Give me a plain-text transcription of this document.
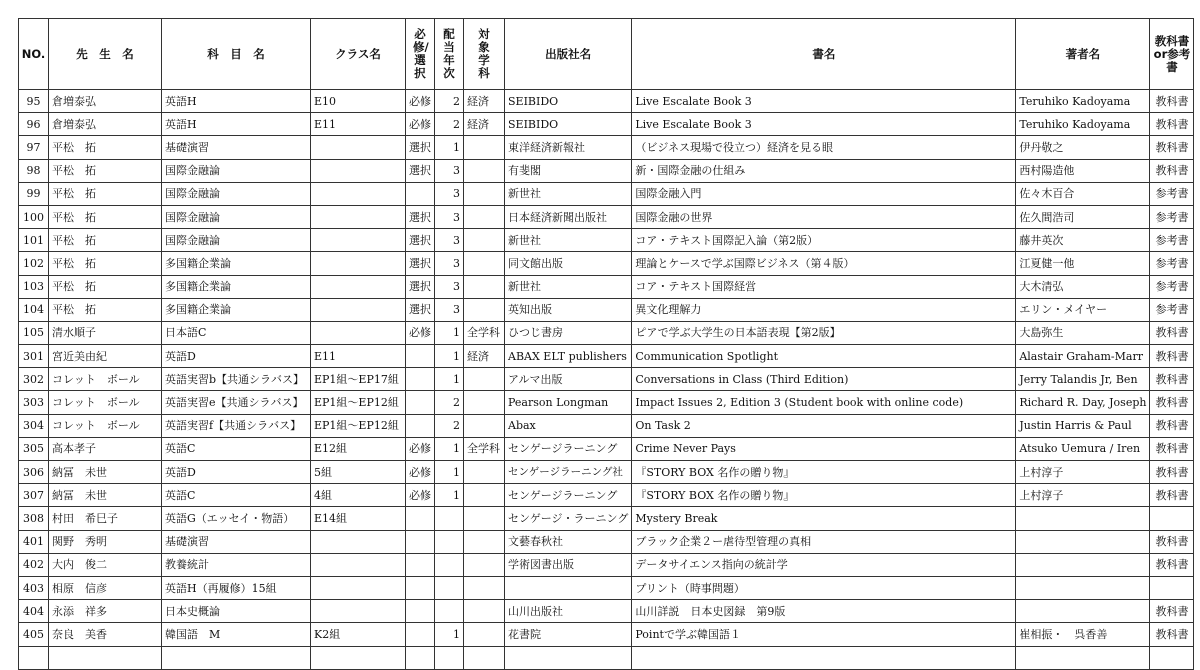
NO.	先　生　名	科　目　名	クラス名	必修/選択	配当年次	対象学科	出版社名	書名	著者名	教科書or参考書

95	倉増泰弘	英語H	E10	必修	2	経済	SEIBIDO	Live Escalate Book 3	Teruhiko Kadoyama	教科書
96	倉増泰弘	英語H	E11	必修	2	経済	SEIBIDO	Live Escalate Book 3	Teruhiko Kadoyama	教科書
97	平松　拓	基礎演習		選択	1		東洋経済新報社	（ビジネス現場で役立つ）経済を見る眼	伊丹敬之	教科書
98	平松　拓	国際金融論		選択	3		有斐閣	新・国際金融の仕組み	西村陽造他	教科書
99	平松　拓	国際金融論			3		新世社	国際金融入門	佐々木百合	参考書
100	平松　拓	国際金融論		選択	3		日本経済新聞出版社	国際金融の世界	佐久間浩司	参考書
101	平松　拓	国際金融論		選択	3		新世社	コア・テキスト国際記入論（第2版）	藤井英次	参考書
102	平松　拓	多国籍企業論		選択	3		同文館出版	理論とケースで学ぶ国際ビジネス（第４版）	江夏健一他	参考書
103	平松　拓	多国籍企業論		選択	3		新世社	コア・テキスト国際経営	大木清弘	参考書
104	平松　拓	多国籍企業論		選択	3		英知出版	異文化理解力	エリン・メイヤー	参考書
105	清水順子	日本語C		必修	1	全学科	ひつじ書房	ピアで学ぶ大学生の日本語表現【第2版】	大島弥生	教科書
301	宮近美由紀	英語D	E11		1	経済	ABAX ELT publishers	Communication Spotlight	Alastair Graham-Marr	教科書
302	コレット　ボール	英語実習b【共通シラバス】	EP1組～EP17組		1		アルマ出版	Conversations in Class (Third Edition)	Jerry Talandis Jr, Ben	教科書
303	コレット　ボール	英語実習e【共通シラバス】	EP1組～EP12組		2		Pearson Longman	Impact Issues 2, Edition 3 (Student book with online code)	Richard R. Day, Joseph	教科書
304	コレット　ボール	英語実習f【共通シラバス】	EP1組～EP12組		2		Abax	On Task 2	Justin Harris & Paul	教科書
305	高本孝子	英語C	E12組	必修	1	全学科	センゲージラーニング	Crime Never Pays	Atsuko Uemura / Iren	教科書
306	納冨　未世	英語D	5組	必修	1		センゲージラーニング社	『STORY BOX 名作の贈り物』	上村淳子	教科書
307	納冨　未世	英語C	4組	必修	1		センゲージラーニング	『STORY BOX 名作の贈り物』	上村淳子	教科書
308	村田　希巳子	英語G（エッセイ・物語）	E14組				センゲージ・ラーニング	Mystery Break		
401	関野　秀明	基礎演習					文藝春秋社	ブラック企業２ー虐待型管理の真相		教科書
402	大内　俊二	教養統計					学術図書出版	データサイエンス指向の統計学		教科書
403	相原　信彦	英語H（再履修）15組						プリント（時事問題）		
404	永添　祥多	日本史概論					山川出版社	山川詳説　日本史図録　第9版		教科書
405	奈良　美香	韓国語　M	K2組		1		花書院	Pointで学ぶ韓国語１	崔相振・　呉香善	教科書
